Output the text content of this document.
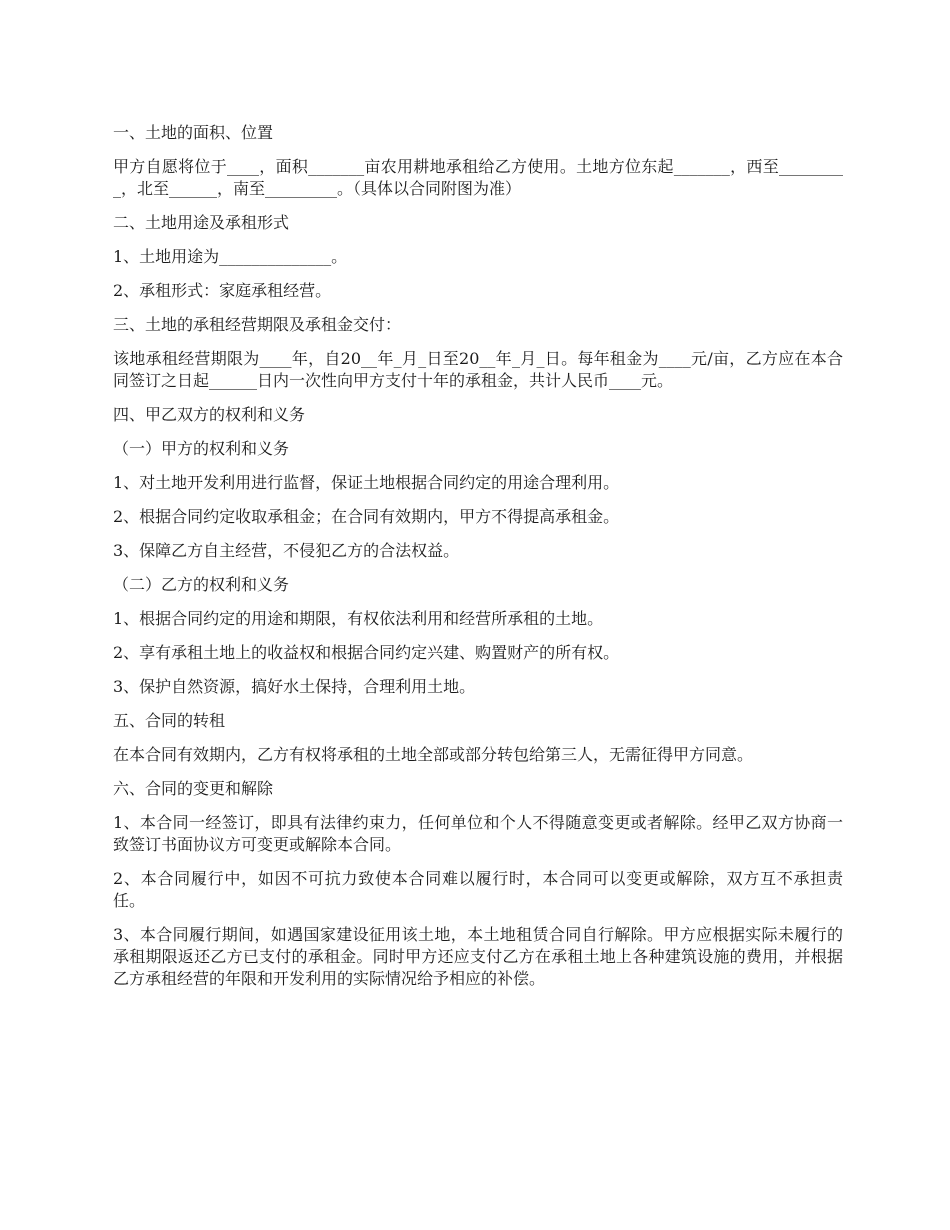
一、土地的面积、位置

甲方自愿将位于____，面积_______亩农用耕地承租给乙方使用。土地方位东起_______，西至_________，北至______，南至_________。（具体以合同附图为准）

二、土地用途及承租形式

1、土地用途为______________。

2、承租形式：家庭承租经营。

三、土地的承租经营期限及承租金交付：

该地承租经营期限为____年，自20__年_月_日至20__年_月_日。每年租金为____元/亩，乙方应在本合同签订之日起______日内一次性向甲方支付十年的承租金，共计人民币____元。

四、甲乙双方的权利和义务

（一）甲方的权利和义务

1、对土地开发利用进行监督，保证土地根据合同约定的用途合理利用。

2、根据合同约定收取承租金；在合同有效期内，甲方不得提高承租金。

3、保障乙方自主经营，不侵犯乙方的合法权益。

（二）乙方的权利和义务

1、根据合同约定的用途和期限，有权依法利用和经营所承租的土地。

2、享有承租土地上的收益权和根据合同约定兴建、购置财产的所有权。

3、保护自然资源，搞好水土保持，合理利用土地。

五、合同的转租

在本合同有效期内，乙方有权将承租的土地全部或部分转包给第三人，无需征得甲方同意。

六、合同的变更和解除

1、本合同一经签订，即具有法律约束力，任何单位和个人不得随意变更或者解除。经甲乙双方协商一致签订书面协议方可变更或解除本合同。

2、本合同履行中，如因不可抗力致使本合同难以履行时，本合同可以变更或解除，双方互不承担责任。

3、本合同履行期间，如遇国家建设征用该土地，本土地租赁合同自行解除。甲方应根据实际未履行的承租期限返还乙方已支付的承租金。同时甲方还应支付乙方在承租土地上各种建筑设施的费用，并根据乙方承租经营的年限和开发利用的实际情况给予相应的补偿。
